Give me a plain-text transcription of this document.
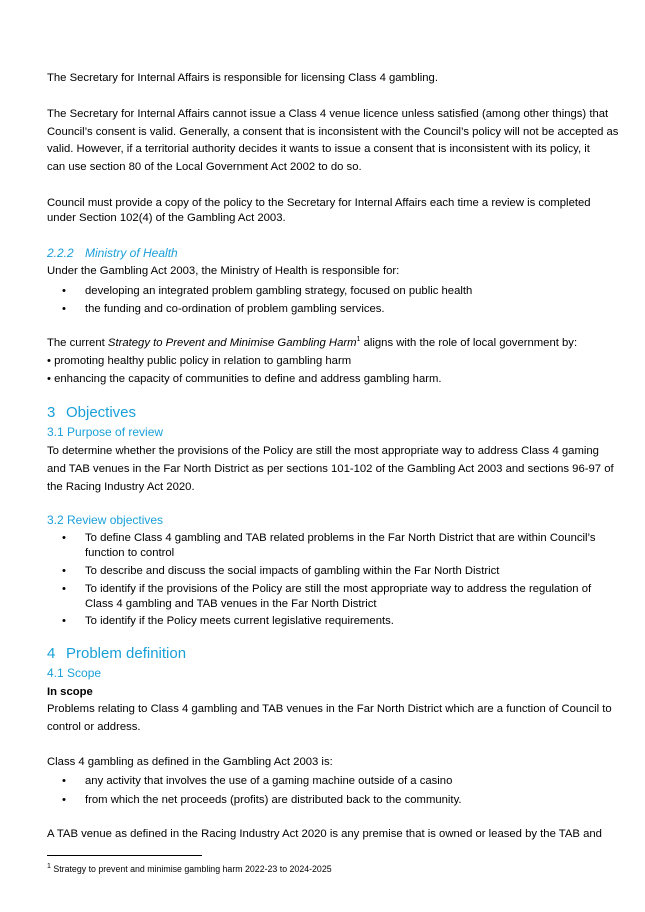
The Secretary for Internal Affairs is responsible for licensing Class 4 gambling.
The Secretary for Internal Affairs cannot issue a Class 4 venue licence unless satisfied (among other things) that
Council’s consent is valid. Generally, a consent that is inconsistent with the Council’s policy will not be accepted as
valid. However, if a territorial authority decides it wants to issue a consent that is inconsistent with its policy, it
can use section 80 of the Local Government Act 2002 to do so.
Council must provide a copy of the policy to the Secretary for Internal Affairs each time a review is completed
under Section 102(4) of the Gambling Act 2003.
2.2.2 Ministry of Health
Under the Gambling Act 2003, the Ministry of Health is responsible for:
• developing an integrated problem gambling strategy, focused on public health
• the funding and co-ordination of problem gambling services.
The current Strategy to Prevent and Minimise Gambling Harm$^1$ aligns with the role of local government by:
• promoting healthy public policy in relation to gambling harm
• enhancing the capacity of communities to define and address gambling harm.
3 Objectives
3.1 Purpose of review
To determine whether the provisions of the Policy are still the most appropriate way to address Class 4 gaming
and TAB venues in the Far North District as per sections 101-102 of the Gambling Act 2003 and sections 96-97 of
the Racing Industry Act 2020.
3.2 Review objectives
• To define Class 4 gambling and TAB related problems in the Far North District that are within Council’s
function to control
• To describe and discuss the social impacts of gambling within the Far North District
• To identify if the provisions of the Policy are still the most appropriate way to address the regulation of
Class 4 gambling and TAB venues in the Far North District
• To identify if the Policy meets current legislative requirements.
4 Problem definition
4.1 Scope
In scope
Problems relating to Class 4 gambling and TAB venues in the Far North District which are a function of Council to
control or address.
Class 4 gambling as defined in the Gambling Act 2003 is:
• any activity that involves the use of a gaming machine outside of a casino
• from which the net proceeds (profits) are distributed back to the community.
A TAB venue as defined in the Racing Industry Act 2020 is any premise that is owned or leased by the TAB and
$^1$ Strategy to prevent and minimise gambling harm 2022-23 to 2024-2025
